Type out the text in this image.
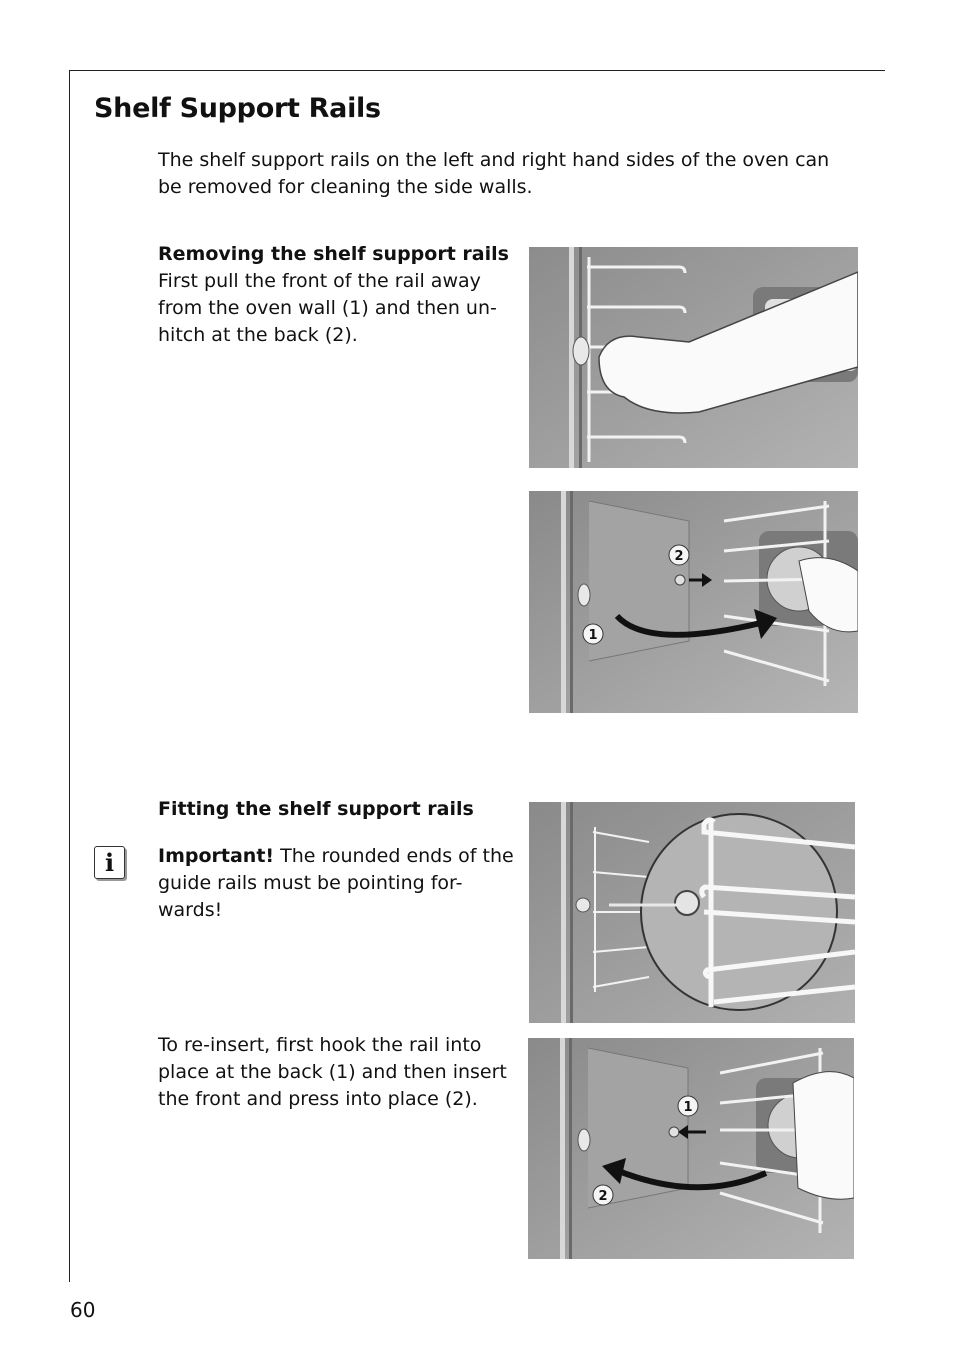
Shelf Support Rails

The shelf support rails on the left and right hand sides of the oven can be removed for cleaning the side walls.

Removing the shelf support rails
First pull the front of the rail away from the oven wall (1) and then un-hitch at the back (2).

Fitting the shelf support rails

i	Important! The rounded ends of the guide rails must be pointing for-wards!

To re-insert, first hook the rail into place at the back (1) and then insert the front and press into place (2).

2
1
1
2
60
